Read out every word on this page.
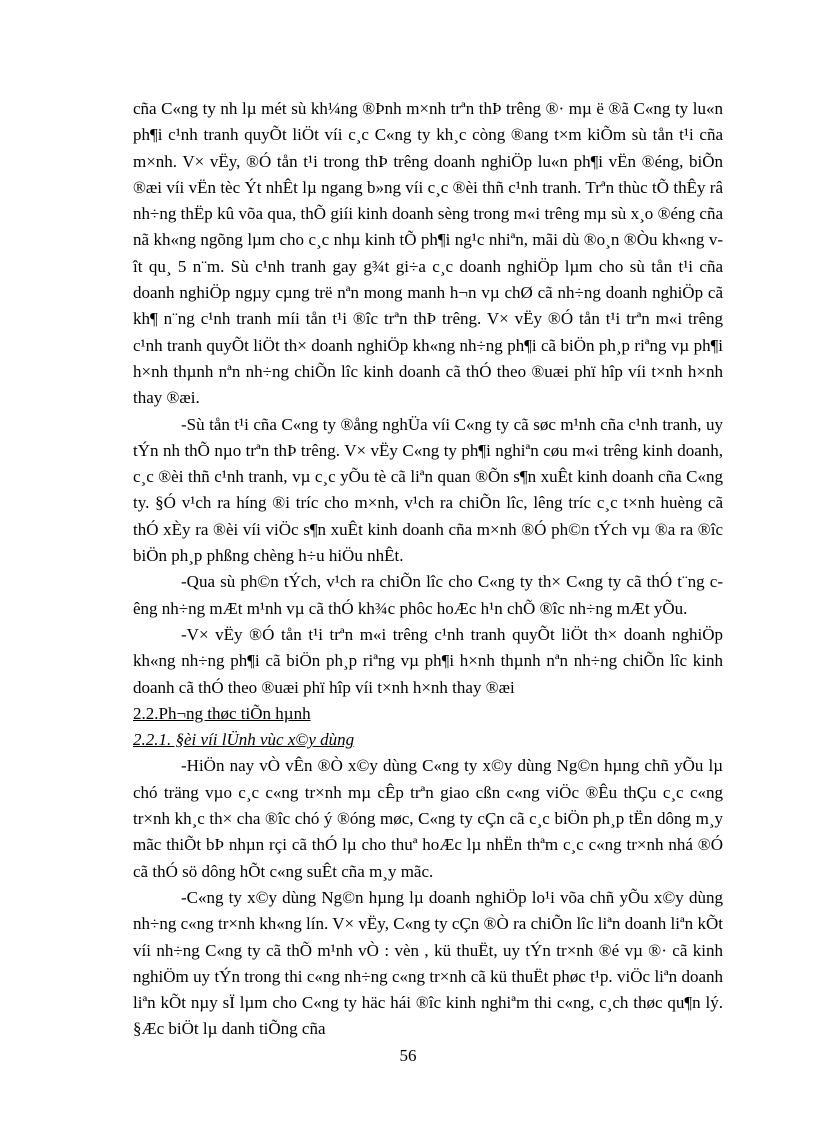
cña C«ng ty nh lµ mét sù kh¼ng ®Þnh m×nh trªn thÞ trêng ®· mµ ë ®ã C«ng ty lu«n ph¶i c¹nh tranh quyÕt liÖt víi c¸c C«ng ty kh¸c còng ®ang t×m kiÕm sù tån t¹i cña m×nh. V× vËy, ®Ó tån t¹i trong thÞ trêng doanh nghiÖp lu«n ph¶i vËn ®éng, biÕn ®æi víi vËn tèc Ýt nhÊt lµ ngang b»ng víi c¸c ®èi thñ c¹nh tranh. Trªn thùc tÕ thÊy râ nh÷ng thËp kû võa qua, thÕ giíi kinh doanh sèng trong m«i trêng mµ sù x¸o ®éng cña nã kh«ng ngõng lµm cho c¸c nhµ kinh tÕ ph¶i ng¹c nhiªn, mãi dù ®o¸n ®Òu kh«ng vît qu¸ 5 n¨m. Sù c¹nh tranh gay g¾t gi÷a c¸c doanh nghiÖp lµm cho sù tån t¹i cña doanh nghiÖp ngµy cµng trë nªn mong manh h¬n vµ chØ cã nh÷ng doanh nghiÖp cã kh¶ n¨ng c¹nh tranh míi tån t¹i ®îc trªn thÞ trêng. V× vËy ®Ó tån t¹i trªn m«i trêng c¹nh tranh quyÕt liÖt th× doanh nghiÖp kh«ng nh÷ng ph¶i cã biÖn ph¸p riªng vµ ph¶i h×nh thµnh nªn nh÷ng chiÕn lîc kinh doanh cã thÓ theo ®uæi phï hîp víi t×nh h×nh thay ®æi.

-Sù tån t¹i cña C«ng ty ®ång nghÜa víi C«ng ty cã søc m¹nh cña c¹nh tranh, uy tÝn nh thÕ nµo trªn thÞ trêng. V× vËy C«ng ty ph¶i nghiªn cøu m«i trêng kinh doanh, c¸c ®èi thñ c¹nh tranh, vµ c¸c yÕu tè cã liªn quan ®Õn s¶n xuÊt kinh doanh cña C«ng ty. §Ó v¹ch ra híng ®i tríc cho m×nh, v¹ch ra chiÕn lîc, lêng tríc c¸c t×nh huèng cã thÓ xÈy ra ®èi víi viÖc s¶n xuÊt kinh doanh cña m×nh ®Ó ph©n tÝch vµ ®a ra ®îc biÖn ph¸p phßng chèng h÷u hiÖu nhÊt.

-Qua sù ph©n tÝch, v¹ch ra chiÕn lîc cho C«ng ty th× C«ng ty cã thÓ t¨ng cêng nh÷ng mÆt m¹nh vµ cã thÓ kh¾c phôc hoÆc h¹n chÕ ®îc nh÷ng mÆt yÕu.

-V× vËy ®Ó tån t¹i trªn m«i trêng c¹nh tranh quyÕt liÖt th× doanh nghiÖp kh«ng nh÷ng ph¶i cã biÖn ph¸p riªng vµ ph¶i h×nh thµnh nªn nh÷ng chiÕn lîc kinh doanh cã thÓ theo ®uæi phï hîp víi t×nh h×nh thay ®æi

2.2.Ph¬ng thøc tiÕn hµnh
2.2.1. §èi víi lÜnh vùc x©y dùng

-HiÖn nay vÒ vÊn ®Ò x©y dùng C«ng ty x©y dùng Ng©n hµng chñ yÕu lµ chó träng vµo c¸c c«ng tr×nh mµ cÊp trªn giao cßn c«ng viÖc ®Êu thÇu c¸c c«ng tr×nh kh¸c th× cha ®îc chó ý ®óng møc, C«ng ty cÇn cã c¸c biÖn ph¸p tËn dông m¸y mãc thiÕt bÞ nhµn rçi cã thÓ lµ cho thuª hoÆc lµ nhËn thªm c¸c c«ng tr×nh nhá ®Ó cã thÓ sö dông hÕt c«ng suÊt cña m¸y mãc.

-C«ng ty x©y dùng Ng©n hµng lµ doanh nghiÖp lo¹i võa chñ yÕu x©y dùng nh÷ng c«ng tr×nh kh«ng lín. V× vËy, C«ng ty cÇn ®Ò ra chiÕn lîc liªn doanh liªn kÕt víi nh÷ng C«ng ty cã thÕ m¹nh vÒ : vèn , kü thuËt, uy tÝn tr×nh ®é vµ ®· cã kinh nghiÖm uy tÝn trong thi c«ng nh÷ng c«ng tr×nh cã kü thuËt phøc t¹p. viÖc liªn doanh liªn kÕt nµy sÏ lµm cho C«ng ty häc hái ®îc kinh nghiªm thi c«ng, c¸ch thøc qu¶n lý. §Æc biÖt lµ danh tiÕng cña

56
